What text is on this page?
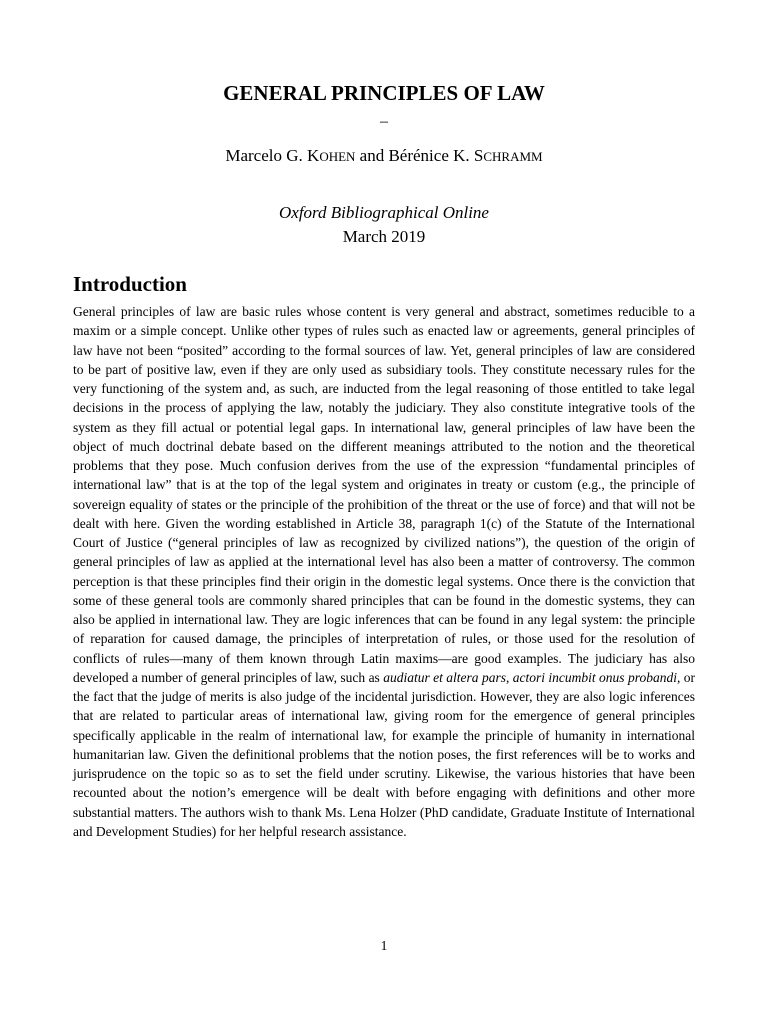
GENERAL PRINCIPLES OF LAW
–
Marcelo G. KOHEN and Bérénice K. SCHRAMM
Oxford Bibliographical Online
March 2019
Introduction

General principles of law are basic rules whose content is very general and abstract, sometimes reducible to a maxim or a simple concept. Unlike other types of rules such as enacted law or agreements, general principles of law have not been “posited” according to the formal sources of law. Yet, general principles of law are considered to be part of positive law, even if they are only used as subsidiary tools. They constitute necessary rules for the very functioning of the system and, as such, are inducted from the legal reasoning of those entitled to take legal decisions in the process of applying the law, notably the judiciary. They also constitute integrative tools of the system as they fill actual or potential legal gaps. In international law, general principles of law have been the object of much doctrinal debate based on the different meanings attributed to the notion and the theoretical problems that they pose. Much confusion derives from the use of the expression “fundamental principles of international law” that is at the top of the legal system and originates in treaty or custom (e.g., the principle of sovereign equality of states or the principle of the prohibition of the threat or the use of force) and that will not be dealt with here. Given the wording established in Article 38, paragraph 1(c) of the Statute of the International Court of Justice (“general principles of law as recognized by civilized nations”), the question of the origin of general principles of law as applied at the international level has also been a matter of controversy. The common perception is that these principles find their origin in the domestic legal systems. Once there is the conviction that some of these general tools are commonly shared principles that can be found in the domestic systems, they can also be applied in international law. They are logic inferences that can be found in any legal system: the principle of reparation for caused damage, the principles of interpretation of rules, or those used for the resolution of conflicts of rules—many of them known through Latin maxims—are good examples. The judiciary has also developed a number of general principles of law, such as audiatur et altera pars, actori incumbit onus probandi, or the fact that the judge of merits is also judge of the incidental jurisdiction. However, they are also logic inferences that are related to particular areas of international law, giving room for the emergence of general principles specifically applicable in the realm of international law, for example the principle of humanity in international humanitarian law. Given the definitional problems that the notion poses, the first references will be to works and jurisprudence on the topic so as to set the field under scrutiny. Likewise, the various histories that have been recounted about the notion’s emergence will be dealt with before engaging with definitions and other more substantial matters. The authors wish to thank Ms. Lena Holzer (PhD candidate, Graduate Institute of International and Development Studies) for her helpful research assistance.

1
